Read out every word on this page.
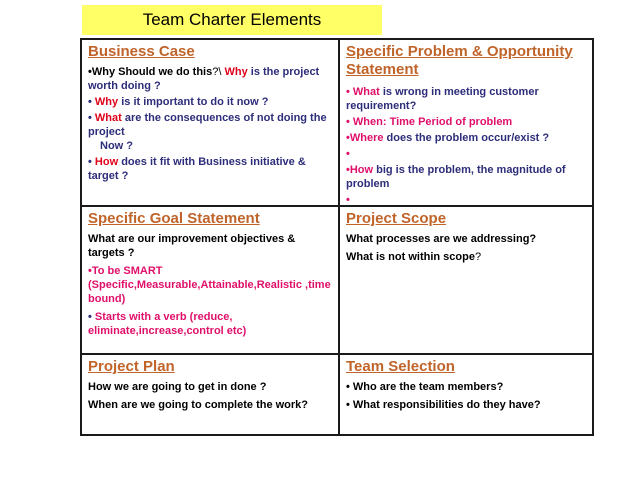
Team Charter Elements
Business Case
•Why Should we do this?\ Why is the project worth doing ?
• Why is it important to do it now ?
• What are the consequences of not doing the project
Now ?
• How does it fit with Business initiative & target ?
Specific Problem & Opportunity Statement
• What is wrong in meeting customer requirement?
• When: Time Period of problem
•Where does the problem occur/exist ?
•
•How big is the problem, the magnitude of problem
•
Specific Goal Statement
What are our improvement objectives & targets ?
•To be SMART (Specific,Measurable,Attainable,Realistic ,time bound)
• Starts with a verb (reduce, eliminate,increase,control etc)
Project Scope
What processes are we addressing?
What is not within scope?
Project Plan
How we are going to get in done ?
When are we going to complete the work?
Team Selection
• Who are the team members?
• What responsibilities do they have?
